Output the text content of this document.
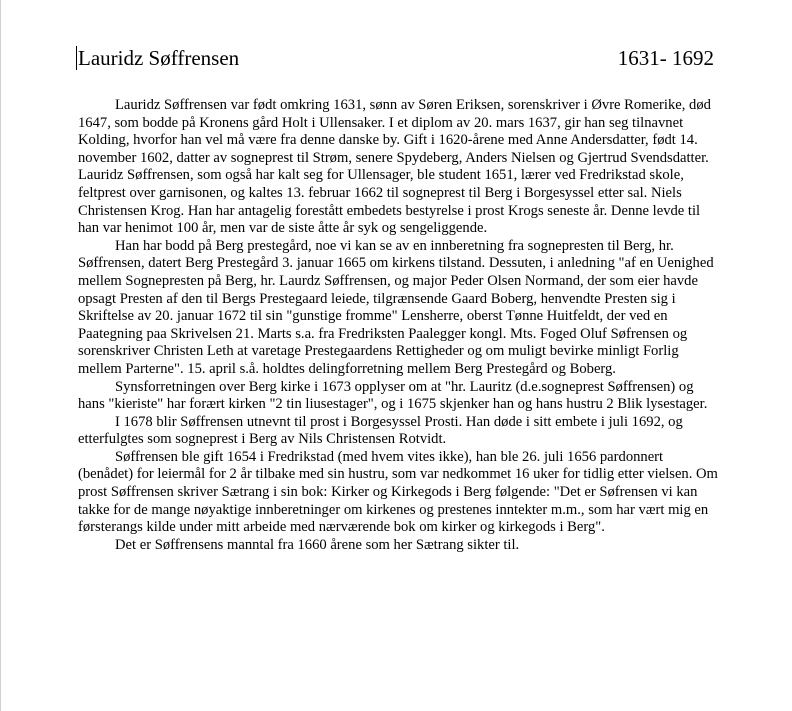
Lauridz Søffrensen	1631- 1692

Lauridz Søffrensen var født omkring 1631, sønn av Søren Eriksen, sorenskriver i Øvre Romerike, død 1647, som bodde på Kronens gård Holt i Ullensaker. I et diplom av 20. mars 1637, gir han seg tilnavnet Kolding, hvorfor han vel må være fra denne danske by. Gift i 1620-årene med Anne Andersdatter, født 14. november 1602, datter av sogneprest til Strøm, senere Spydeberg, Anders Nielsen og Gjertrud Svendsdatter. Lauridz Søffrensen, som også har kalt seg for Ullensager, ble student 1651, lærer ved Fredrikstad skole, feltprest over garnisonen, og kaltes 13. februar 1662 til sogneprest til Berg i Borgesyssel etter sal. Niels Christensen Krog. Han har antagelig forestått embedets bestyrelse i prost Krogs seneste år. Denne levde til han var henimot 100 år, men var de siste åtte år syk og sengeliggende.

Han har bodd på Berg prestegård, noe vi kan se av en innberetning fra sognepresten til Berg, hr. Søffrensen, datert Berg Prestegård 3. januar 1665 om kirkens tilstand. Dessuten, i anledning "af en Uenighed mellem Sognepresten på Berg, hr. Laurdz Søffrensen, og major Peder Olsen Normand, der som eier havde opsagt Presten af den til Bergs Prestegaard leiede, tilgrænsende Gaard Boberg, henvendte Presten sig i Skriftelse av 20. januar 1672 til sin "gunstige fromme" Lensherre, oberst Tønne Huitfeldt, der ved en Paategning paa Skrivelsen 21. Marts s.a. fra Fredriksten Paalegger kongl. Mts. Foged Oluf Søfrensen og sorenskriver Christen Leth at varetage Prestegaardens Rettigheder og om muligt bevirke minligt Forlig mellem Parterne". 15. april s.å. holdtes delingforretning mellem Berg Prestegård og Boberg.

Synsforretningen over Berg kirke i 1673 opplyser om at "hr. Lauritz (d.e.sogneprest Søffrensen) og hans "kieriste" har forært kirken "2 tin liusestager", og i 1675 skjenker han og hans hustru 2 Blik lysestager.

I 1678 blir Søffrensen utnevnt til prost i Borgesyssel Prosti. Han døde i sitt embete i juli 1692, og etterfulgtes som sogneprest i Berg av Nils Christensen Rotvidt.

Søffrensen ble gift 1654 i Fredrikstad (med hvem vites ikke), han ble 26. juli 1656 pardonnert (benådet) for leiermål for 2 år tilbake med sin hustru, som var nedkommet 16 uker for tidlig etter vielsen. Om prost Søffrensen skriver Sætrang i sin bok: Kirker og Kirkegods i Berg følgende: "Det er Søfrensen vi kan takke for de mange nøyaktige innberetninger om kirkenes og prestenes inntekter m.m., som har vært mig en førsterangs kilde under mitt arbeide med nærværende bok om kirker og kirkegods i Berg".

Det er Søffrensens manntal fra 1660 årene som her Sætrang sikter til.
